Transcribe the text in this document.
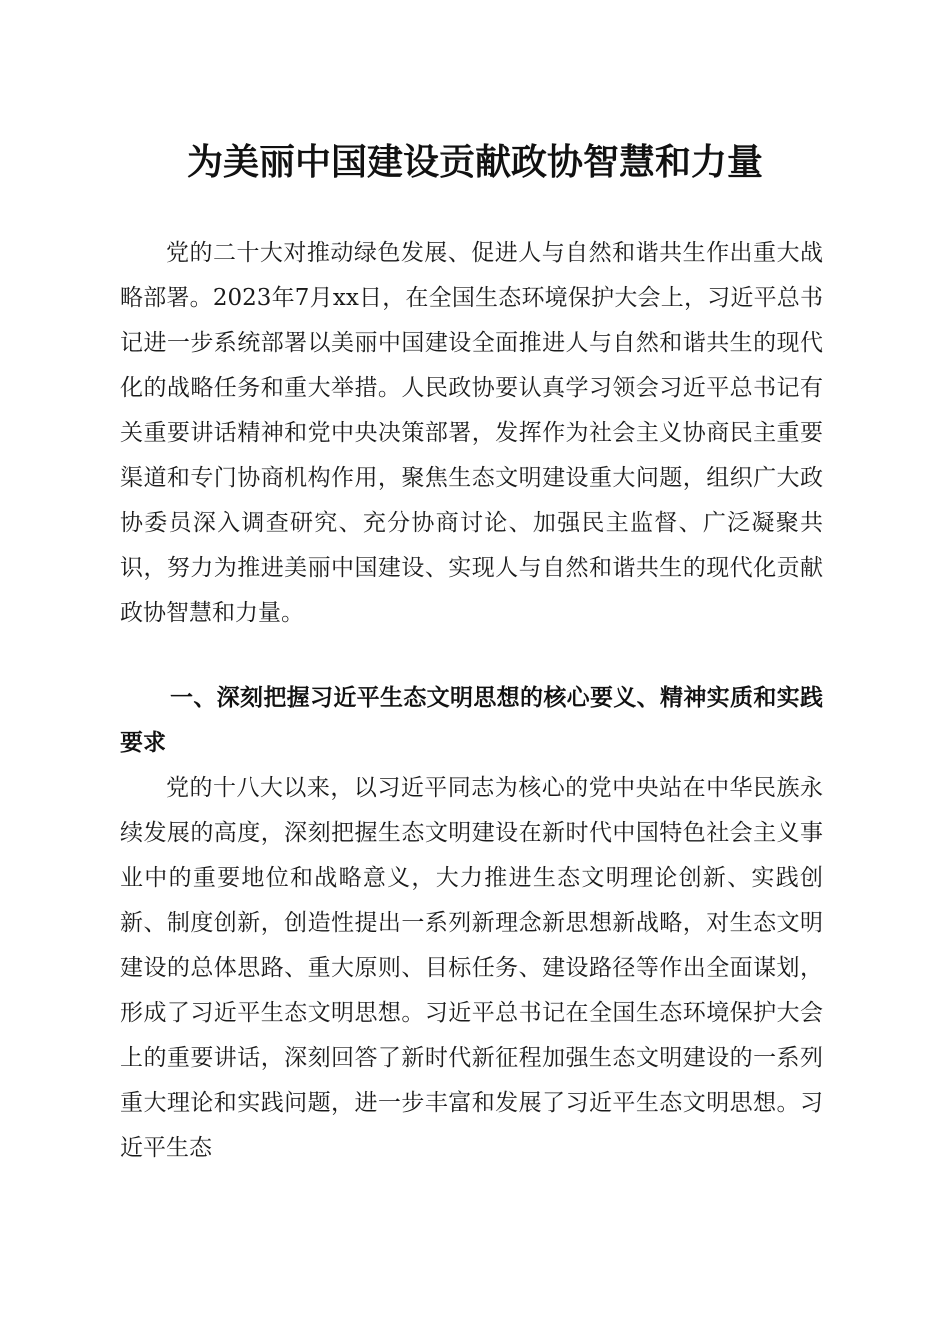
为美丽中国建设贡献政协智慧和力量

党的二十大对推动绿色发展、促进人与自然和谐共生作出重大战略部署。2023年7月xx日，在全国生态环境保护大会上，习近平总书记进一步系统部署以美丽中国建设全面推进人与自然和谐共生的现代化的战略任务和重大举措。人民政协要认真学习领会习近平总书记有关重要讲话精神和党中央决策部署，发挥作为社会主义协商民主重要渠道和专门协商机构作用，聚焦生态文明建设重大问题，组织广大政协委员深入调查研究、充分协商讨论、加强民主监督、广泛凝聚共识，努力为推进美丽中国建设、实现人与自然和谐共生的现代化贡献政协智慧和力量。

一、深刻把握习近平生态文明思想的核心要义、精神实质和实践要求

党的十八大以来，以习近平同志为核心的党中央站在中华民族永续发展的高度，深刻把握生态文明建设在新时代中国特色社会主义事业中的重要地位和战略意义，大力推进生态文明理论创新、实践创新、制度创新，创造性提出一系列新理念新思想新战略，对生态文明建设的总体思路、重大原则、目标任务、建设路径等作出全面谋划，形成了习近平生态文明思想。习近平总书记在全国生态环境保护大会上的重要讲话，深刻回答了新时代新征程加强生态文明建设的一系列重大理论和实践问题，进一步丰富和发展了习近平生态文明思想。习近平生态
